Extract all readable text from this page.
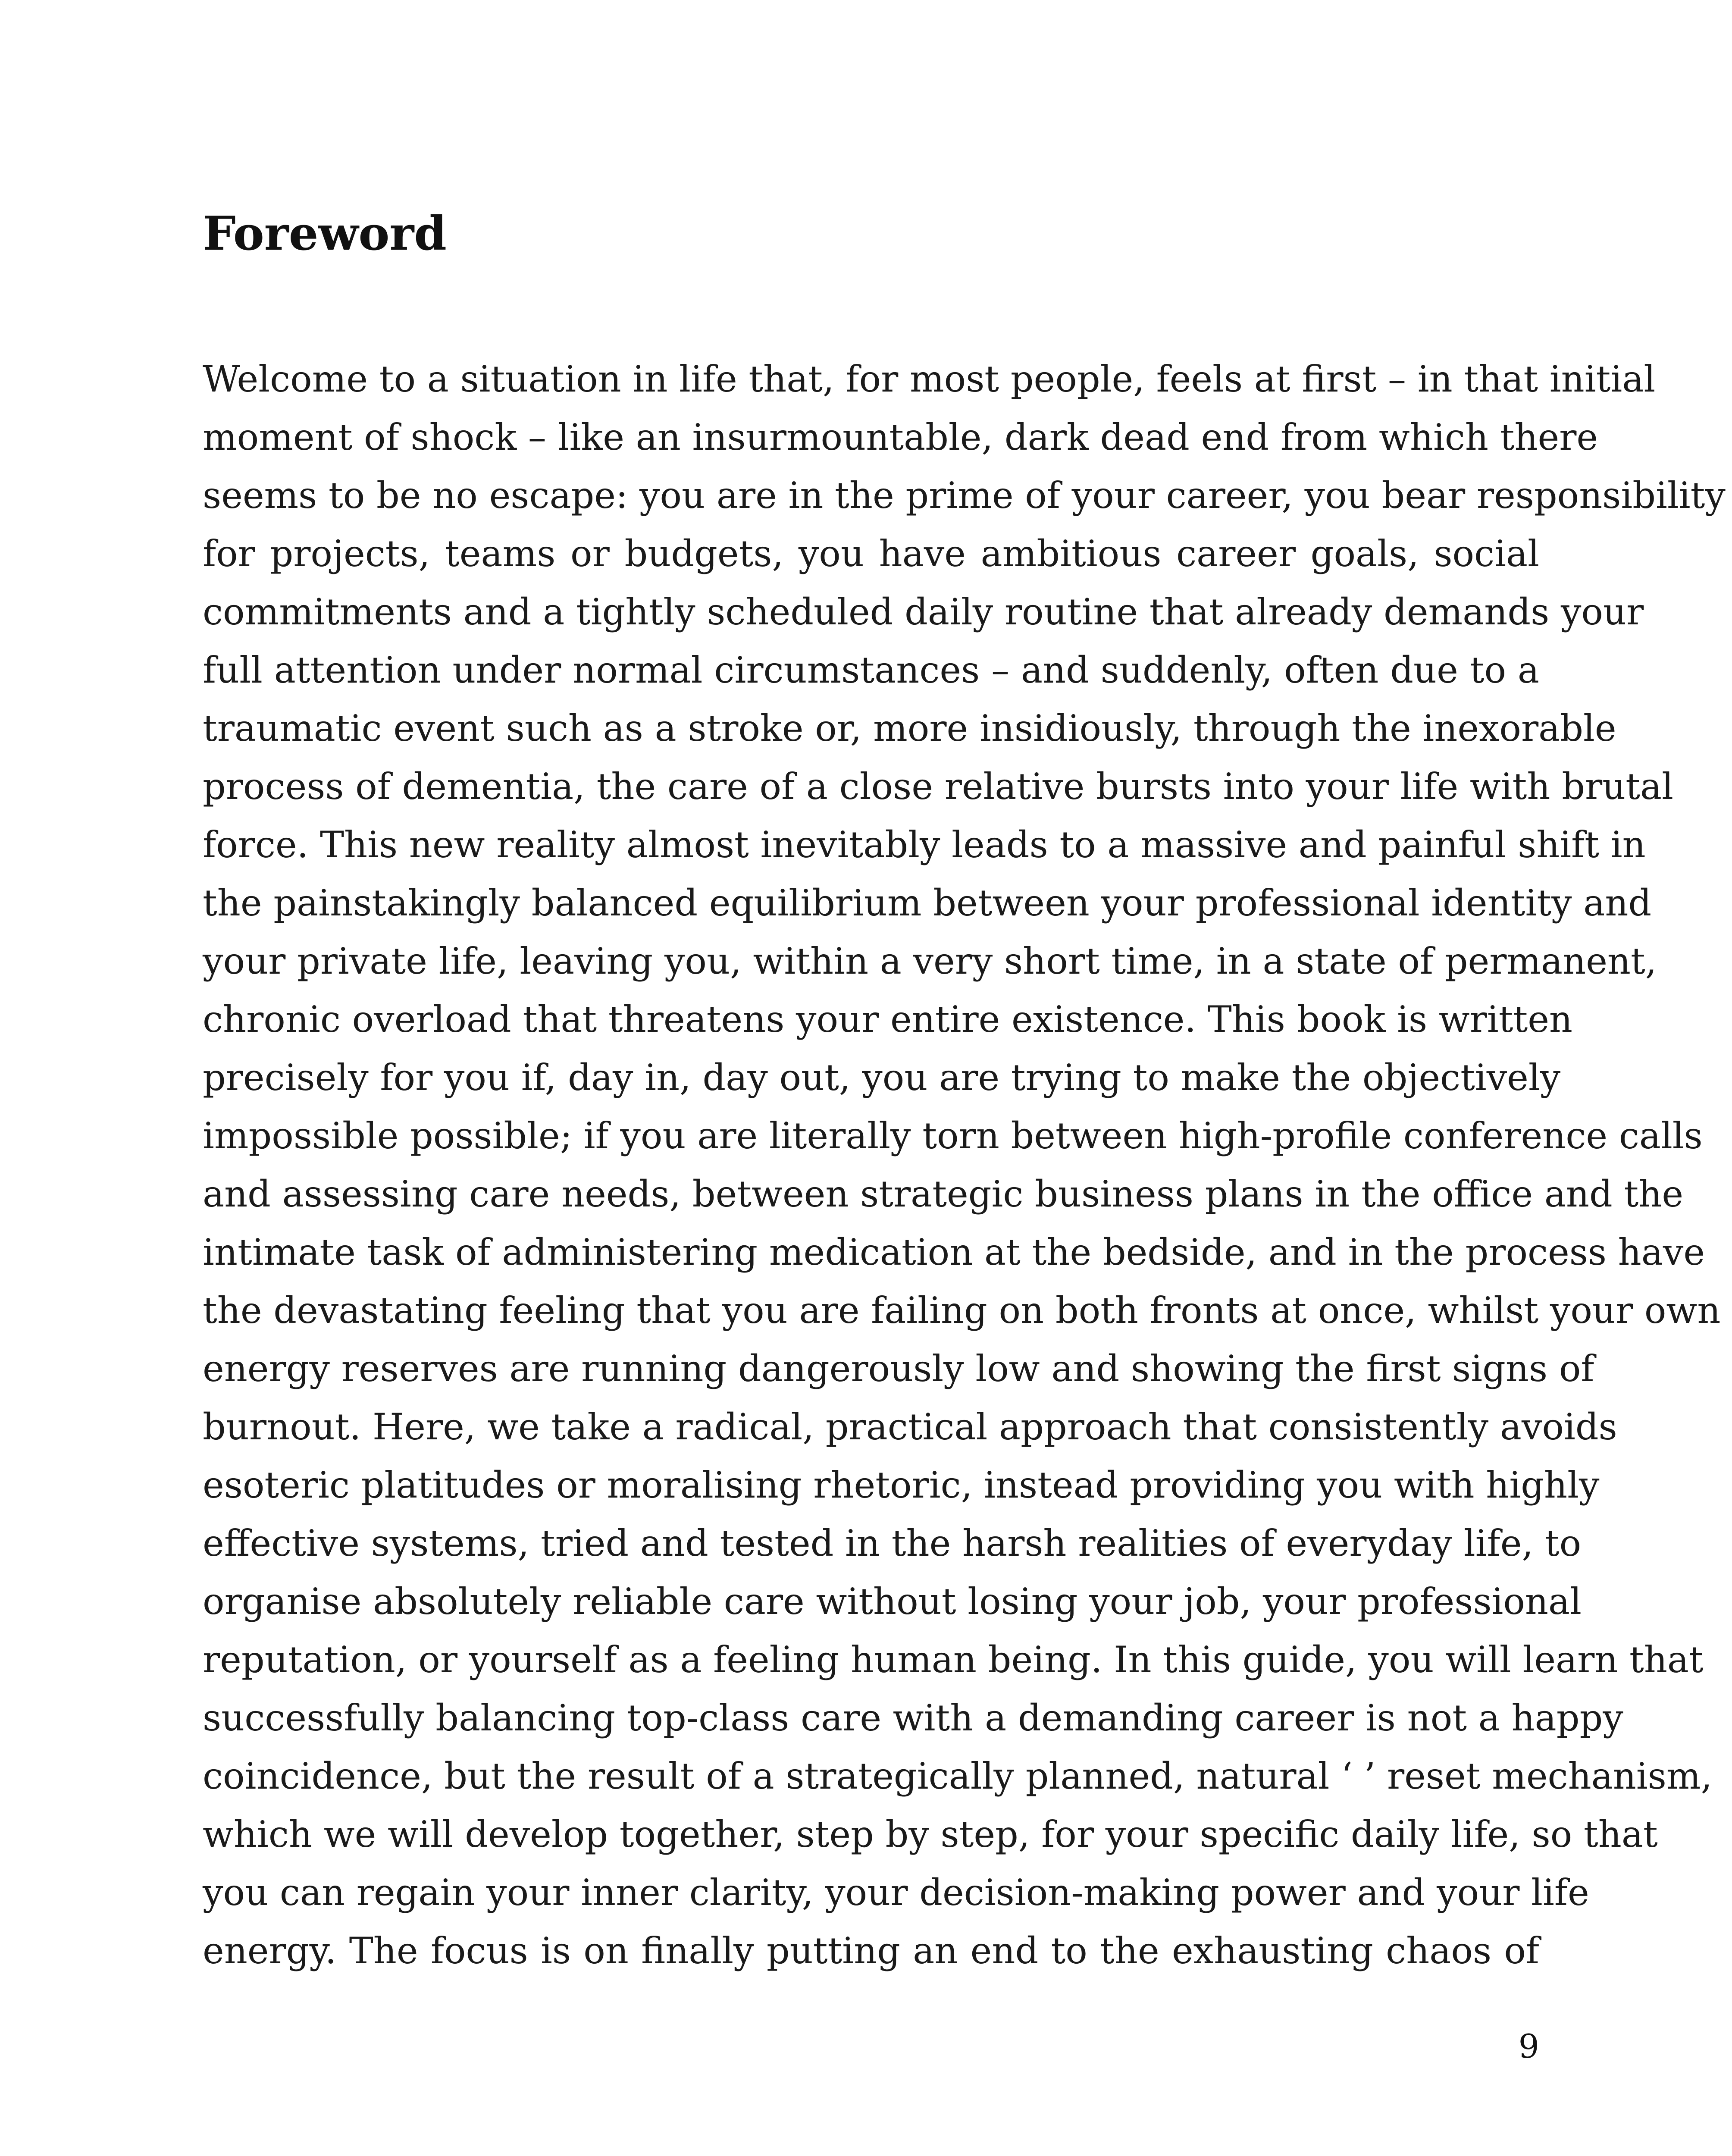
Foreword
Welcome to a situation in life that, for most people, feels at first – in that initial
moment of shock – like an insurmountable, dark dead end from which there
seems to be no escape: you are in the prime of your career, you bear responsibility
for projects, teams or budgets, you have ambitious career goals, social
commitments and a tightly scheduled daily routine that already demands your
full attention under normal circumstances – and suddenly, often due to a
traumatic event such as a stroke or, more insidiously, through the inexorable
process of dementia, the care of a close relative bursts into your life with brutal
force. This new reality almost inevitably leads to a massive and painful shift in
the painstakingly balanced equilibrium between your professional identity and
your private life, leaving you, within a very short time, in a state of permanent,
chronic overload that threatens your entire existence. This book is written
precisely for you if, day in, day out, you are trying to make the objectively
impossible possible; if you are literally torn between high-profile conference calls
and assessing care needs, between strategic business plans in the office and the
intimate task of administering medication at the bedside, and in the process have
the devastating feeling that you are failing on both fronts at once, whilst your own
energy reserves are running dangerously low and showing the first signs of
burnout. Here, we take a radical, practical approach that consistently avoids
esoteric platitudes or moralising rhetoric, instead providing you with highly
effective systems, tried and tested in the harsh realities of everyday life, to
organise absolutely reliable care without losing your job, your professional
reputation, or yourself as a feeling human being. In this guide, you will learn that
successfully balancing top-class care with a demanding career is not a happy
coincidence, but the result of a strategically planned, natural ‘ ’ reset mechanism,
which we will develop together, step by step, for your specific daily life, so that
you can regain your inner clarity, your decision-making power and your life
energy. The focus is on finally putting an end to the exhausting chaos of
9
